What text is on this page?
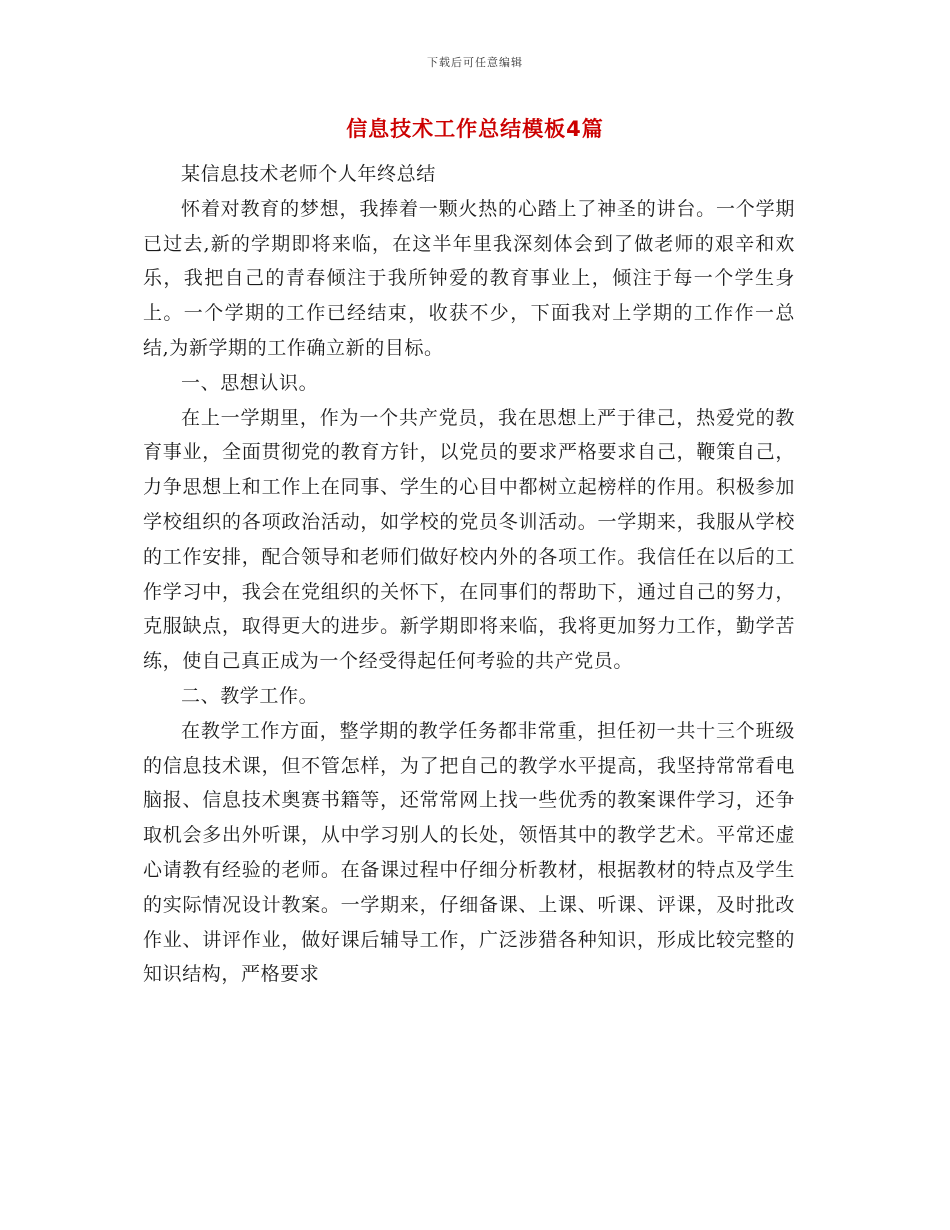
下载后可任意编辑
信息技术工作总结模板4篇

某信息技术老师个人年终总结

怀着对教育的梦想，我捧着一颗火热的心踏上了神圣的讲台。一个学期已过去,新的学期即将来临，在这半年里我深刻体会到了做老师的艰辛和欢乐，我把自己的青春倾注于我所钟爱的教育事业上，倾注于每一个学生身上。一个学期的工作已经结束，收获不少，下面我对上学期的工作作一总结,为新学期的工作确立新的目标。

一、思想认识。

在上一学期里，作为一个共产党员，我在思想上严于律己，热爱党的教育事业，全面贯彻党的教育方针，以党员的要求严格要求自己，鞭策自己，力争思想上和工作上在同事、学生的心目中都树立起榜样的作用。积极参加学校组织的各项政治活动，如学校的党员冬训活动。一学期来，我服从学校的工作安排，配合领导和老师们做好校内外的各项工作。我信任在以后的工作学习中，我会在党组织的关怀下，在同事们的帮助下，通过自己的努力，克服缺点，取得更大的进步。新学期即将来临，我将更加努力工作，勤学苦练，使自己真正成为一个经受得起任何考验的共产党员。

二、教学工作。

在教学工作方面，整学期的教学任务都非常重，担任初一共十三个班级的信息技术课，但不管怎样，为了把自己的教学水平提高，我坚持常常看电脑报、信息技术奥赛书籍等，还常常网上找一些优秀的教案课件学习，还争取机会多出外听课，从中学习别人的长处，领悟其中的教学艺术。平常还虚心请教有经验的老师。在备课过程中仔细分析教材，根据教材的特点及学生的实际情况设计教案。一学期来，仔细备课、上课、听课、评课，及时批改作业、讲评作业，做好课后辅导工作，广泛涉猎各种知识，形成比较完整的知识结构，严格要求
